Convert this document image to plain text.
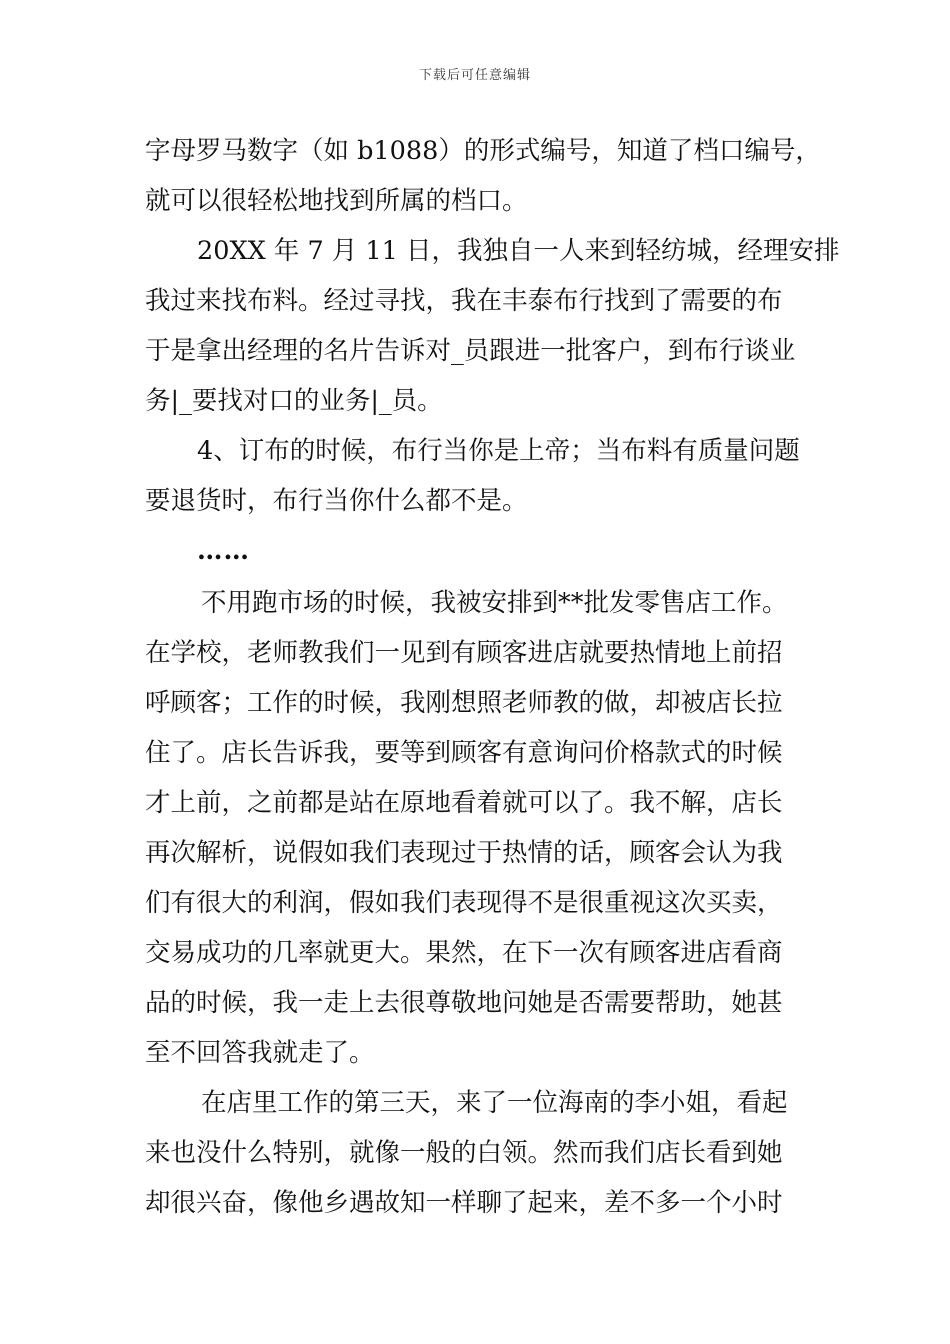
下载后可任意编辑
字母罗马数字（如 b1088）的形式编号，知道了档口编号，
就可以很轻松地找到所属的档口。
20XX 年 7 月 11 日，我独自一人来到轻纺城，经理安排
我过来找布料。经过寻找，我在丰泰布行找到了需要的布
于是拿出经理的名片告诉对_员跟进一批客户，到布行谈业
务|_要找对口的业务|_员。
4、订布的时候，布行当你是上帝；当布料有质量问题
要退货时，布行当你什么都不是。
……
不用跑市场的时候，我被安排到**批发零售店工作。
在学校，老师教我们一见到有顾客进店就要热情地上前招
呼顾客；工作的时候，我刚想照老师教的做，却被店长拉
住了。店长告诉我，要等到顾客有意询问价格款式的时候
才上前，之前都是站在原地看着就可以了。我不解，店长
再次解析，说假如我们表现过于热情的话，顾客会认为我
们有很大的利润，假如我们表现得不是很重视这次买卖，
交易成功的几率就更大。果然，在下一次有顾客进店看商
品的时候，我一走上去很尊敬地问她是否需要帮助，她甚
至不回答我就走了。
在店里工作的第三天，来了一位海南的李小姐，看起
来也没什么特别，就像一般的白领。然而我们店长看到她
却很兴奋，像他乡遇故知一样聊了起来，差不多一个小时
